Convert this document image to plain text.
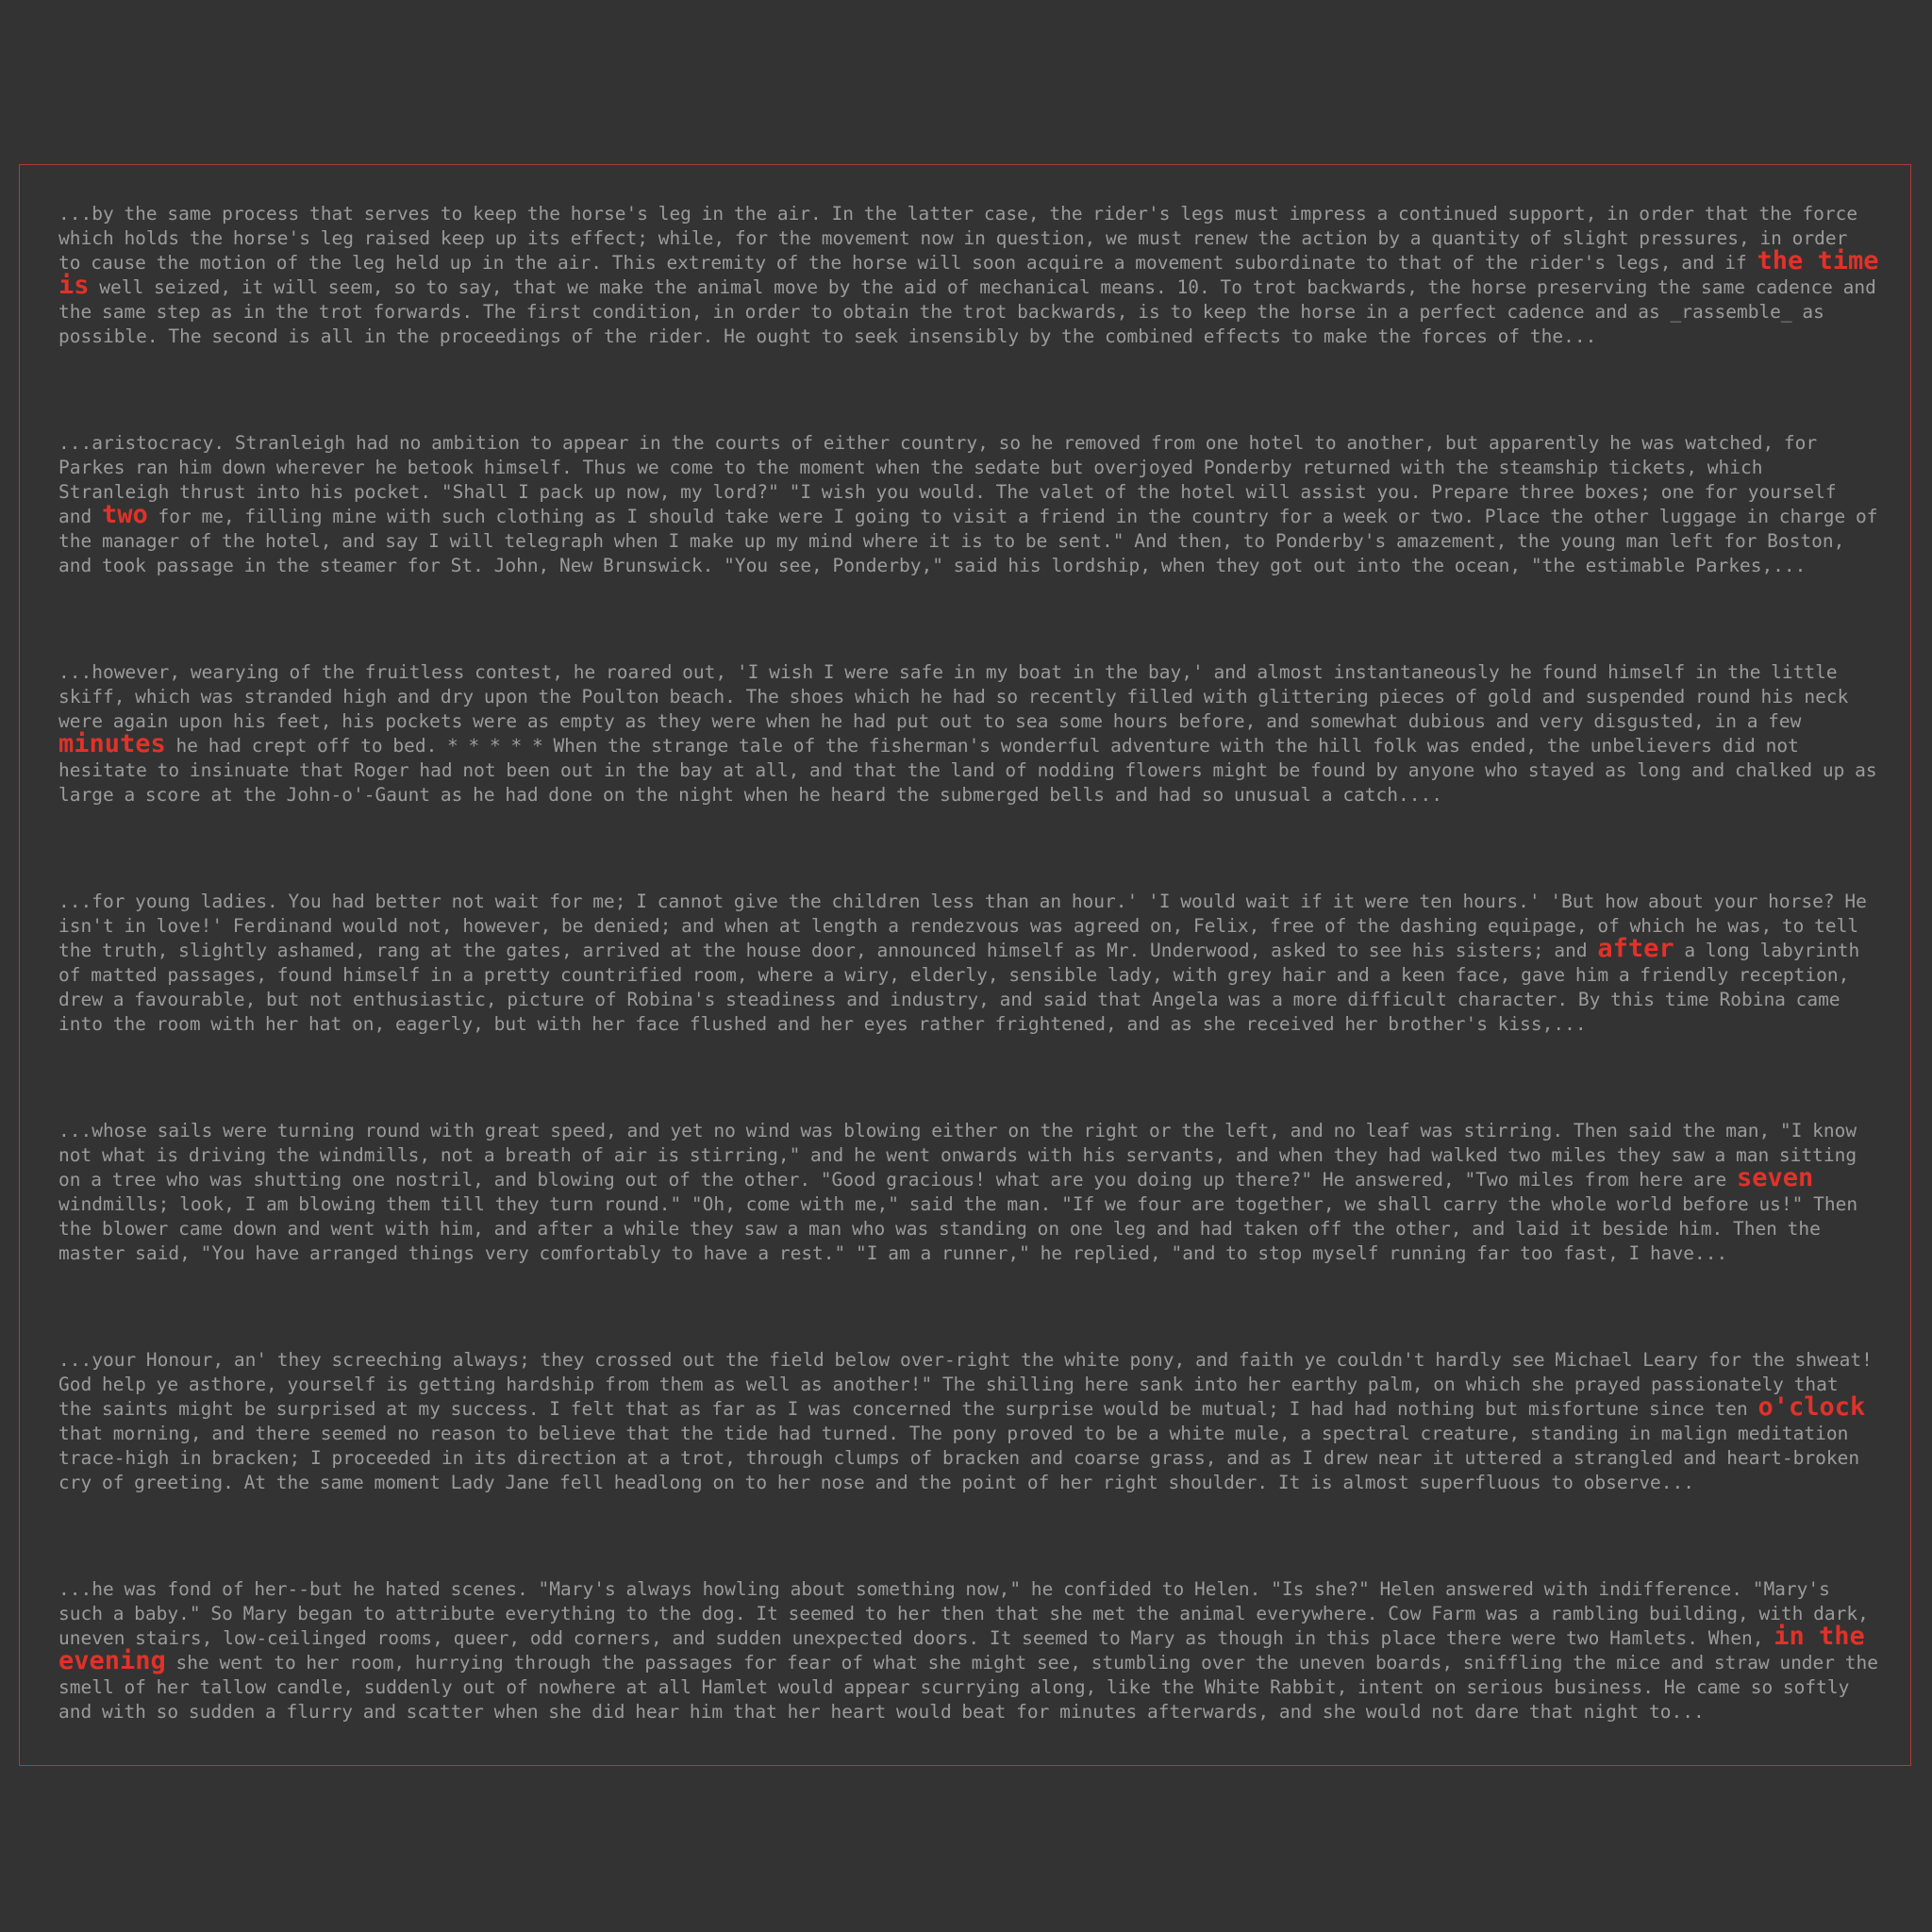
...by the same process that serves to keep the horse's leg in the air. In the latter case, the rider's legs must impress a continued support, in order that the force which holds the horse's leg raised keep up its effect; while, for the movement now in question, we must renew the action by a quantity of slight pressures, in order to cause the motion of the leg held up in the air. This extremity of the horse will soon acquire a movement subordinate to that of the rider's legs, and if the time is well seized, it will seem, so to say, that we make the animal move by the aid of mechanical means. 10. To trot backwards, the horse preserving the same cadence and the same step as in the trot forwards. The first condition, in order to obtain the trot backwards, is to keep the horse in a perfect cadence and as _rassemble_ as possible. The second is all in the proceedings of the rider. He ought to seek insensibly by the combined effects to make the forces of the...

...aristocracy. Stranleigh had no ambition to appear in the courts of either country, so he removed from one hotel to another, but apparently he was watched, for Parkes ran him down wherever he betook himself. Thus we come to the moment when the sedate but overjoyed Ponderby returned with the steamship tickets, which Stranleigh thrust into his pocket. "Shall I pack up now, my lord?" "I wish you would. The valet of the hotel will assist you. Prepare three boxes; one for yourself and two for me, filling mine with such clothing as I should take were I going to visit a friend in the country for a week or two. Place the other luggage in charge of the manager of the hotel, and say I will telegraph when I make up my mind where it is to be sent." And then, to Ponderby's amazement, the young man left for Boston, and took passage in the steamer for St. John, New Brunswick. "You see, Ponderby," said his lordship, when they got out into the ocean, "the estimable Parkes,...

...however, wearying of the fruitless contest, he roared out, 'I wish I were safe in my boat in the bay,' and almost instantaneously he found himself in the little skiff, which was stranded high and dry upon the Poulton beach. The shoes which he had so recently filled with glittering pieces of gold and suspended round his neck were again upon his feet, his pockets were as empty as they were when he had put out to sea some hours before, and somewhat dubious and very disgusted, in a few minutes he had crept off to bed. * * * * * When the strange tale of the fisherman's wonderful adventure with the hill folk was ended, the unbelievers did not hesitate to insinuate that Roger had not been out in the bay at all, and that the land of nodding flowers might be found by anyone who stayed as long and chalked up as large a score at the John-o'-Gaunt as he had done on the night when he heard the submerged bells and had so unusual a catch....

...for young ladies. You had better not wait for me; I cannot give the children less than an hour.' 'I would wait if it were ten hours.' 'But how about your horse? He isn't in love!' Ferdinand would not, however, be denied; and when at length a rendezvous was agreed on, Felix, free of the dashing equipage, of which he was, to tell the truth, slightly ashamed, rang at the gates, arrived at the house door, announced himself as Mr. Underwood, asked to see his sisters; and after a long labyrinth of matted passages, found himself in a pretty countrified room, where a wiry, elderly, sensible lady, with grey hair and a keen face, gave him a friendly reception, drew a favourable, but not enthusiastic, picture of Robina's steadiness and industry, and said that Angela was a more difficult character. By this time Robina came into the room with her hat on, eagerly, but with her face flushed and her eyes rather frightened, and as she received her brother's kiss,...

...whose sails were turning round with great speed, and yet no wind was blowing either on the right or the left, and no leaf was stirring. Then said the man, "I know not what is driving the windmills, not a breath of air is stirring," and he went onwards with his servants, and when they had walked two miles they saw a man sitting on a tree who was shutting one nostril, and blowing out of the other. "Good gracious! what are you doing up there?" He answered, "Two miles from here are seven windmills; look, I am blowing them till they turn round." "Oh, come with me," said the man. "If we four are together, we shall carry the whole world before us!" Then the blower came down and went with him, and after a while they saw a man who was standing on one leg and had taken off the other, and laid it beside him. Then the master said, "You have arranged things very comfortably to have a rest." "I am a runner," he replied, "and to stop myself running far too fast, I have...

...your Honour, an' they screeching always; they crossed out the field below over-right the white pony, and faith ye couldn't hardly see Michael Leary for the shweat! God help ye asthore, yourself is getting hardship from them as well as another!" The shilling here sank into her earthy palm, on which she prayed passionately that the saints might be surprised at my success. I felt that as far as I was concerned the surprise would be mutual; I had had nothing but misfortune since ten o'clock that morning, and there seemed no reason to believe that the tide had turned. The pony proved to be a white mule, a spectral creature, standing in malign meditation trace-high in bracken; I proceeded in its direction at a trot, through clumps of bracken and coarse grass, and as I drew near it uttered a strangled and heart-broken cry of greeting. At the same moment Lady Jane fell headlong on to her nose and the point of her right shoulder. It is almost superfluous to observe...

...he was fond of her--but he hated scenes. "Mary's always howling about something now," he confided to Helen. "Is she?" Helen answered with indifference. "Mary's such a baby." So Mary began to attribute everything to the dog. It seemed to her then that she met the animal everywhere. Cow Farm was a rambling building, with dark, uneven stairs, low-ceilinged rooms, queer, odd corners, and sudden unexpected doors. It seemed to Mary as though in this place there were two Hamlets. When, in the evening she went to her room, hurrying through the passages for fear of what she might see, stumbling over the uneven boards, sniffling the mice and straw under the smell of her tallow candle, suddenly out of nowhere at all Hamlet would appear scurrying along, like the White Rabbit, intent on serious business. He came so softly and with so sudden a flurry and scatter when she did hear him that her heart would beat for minutes afterwards, and she would not dare that night to...
